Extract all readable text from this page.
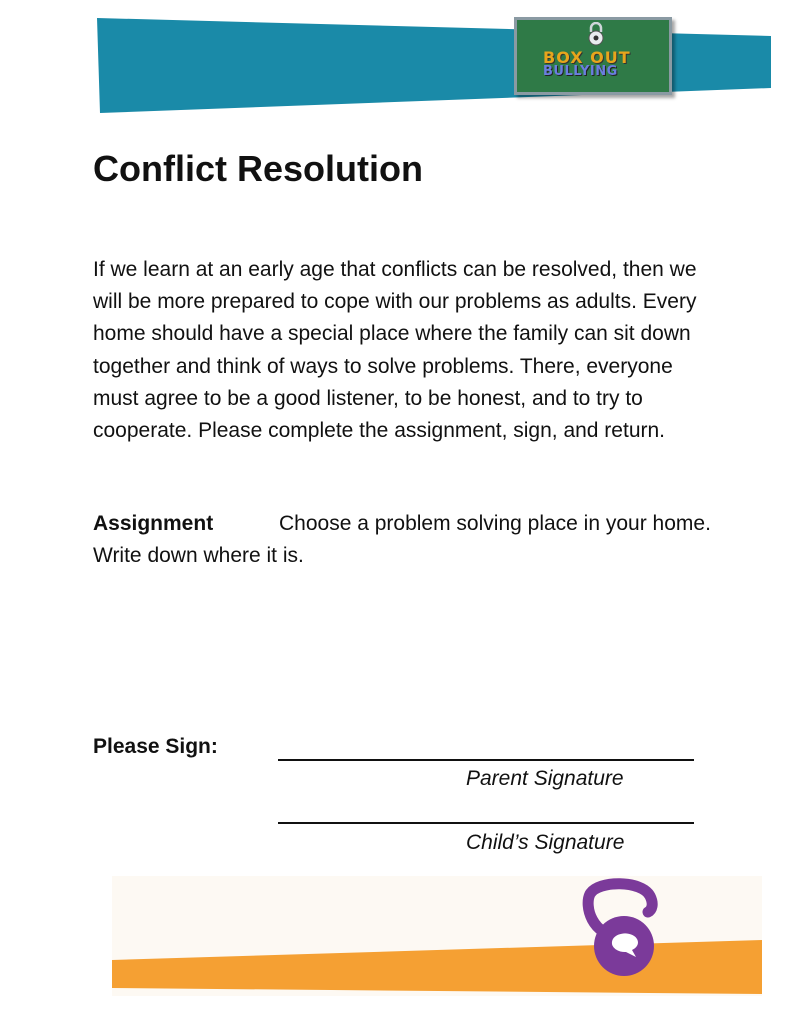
BOX OUT
BULLYING
Conflict Resolution

If we learn at an early age that conflicts can be resolved, then we will be more prepared to cope with our problems as adults. Every home should have a special place where the family can sit down together and think of ways to solve problems. There, everyone must agree to be a good listener, to be honest, and to try to cooperate. Please complete the assignment, sign, and return.

Assignment	Choose a problem solving place in your home. Write down where it is.

Please Sign:
Parent Signature
Child’s Signature
